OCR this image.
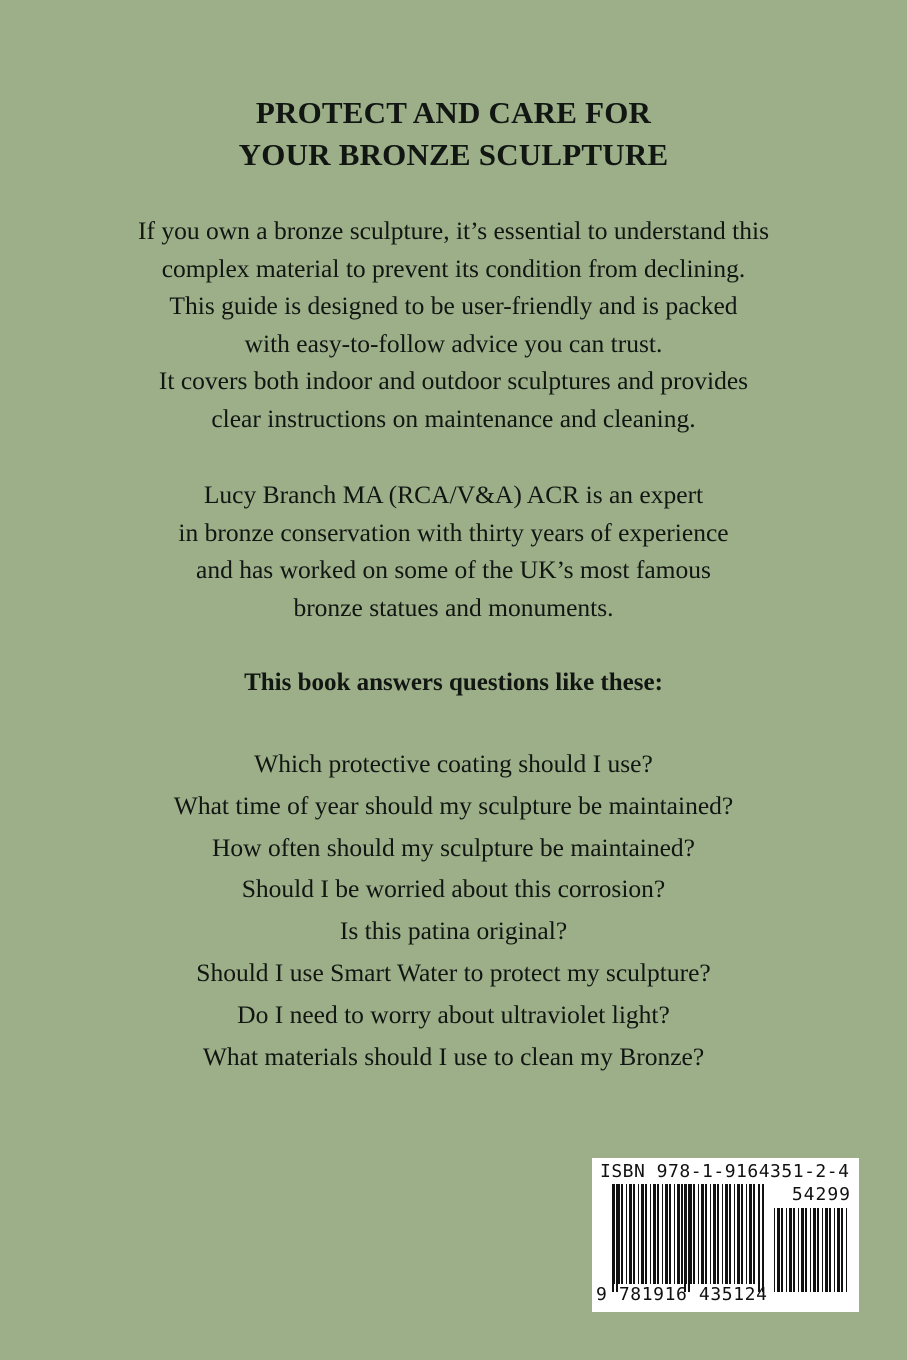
PROTECT AND CARE FOR
YOUR BRONZE SCULPTURE
If you own a bronze sculpture, it’s essential to understand this
complex material to prevent its condition from declining.
This guide is designed to be user-friendly and is packed
with easy-to-follow advice you can trust.
It covers both indoor and outdoor sculptures and provides
clear instructions on maintenance and cleaning.
Lucy Branch MA (RCA/V&A) ACR is an expert
in bronze conservation with thirty years of experience
and has worked on some of the UK’s most famous
bronze statues and monuments.
This book answers questions like these:
Which protective coating should I use?
What time of year should my sculpture be maintained?
How often should my sculpture be maintained?
Should I be worried about this corrosion?
Is this patina original?
Should I use Smart Water to protect my sculpture?
Do I need to worry about ultraviolet light?
What materials should I use to clean my Bronze?
ISBN 978-1-9164351-2-4
54299
9 781916 435124
